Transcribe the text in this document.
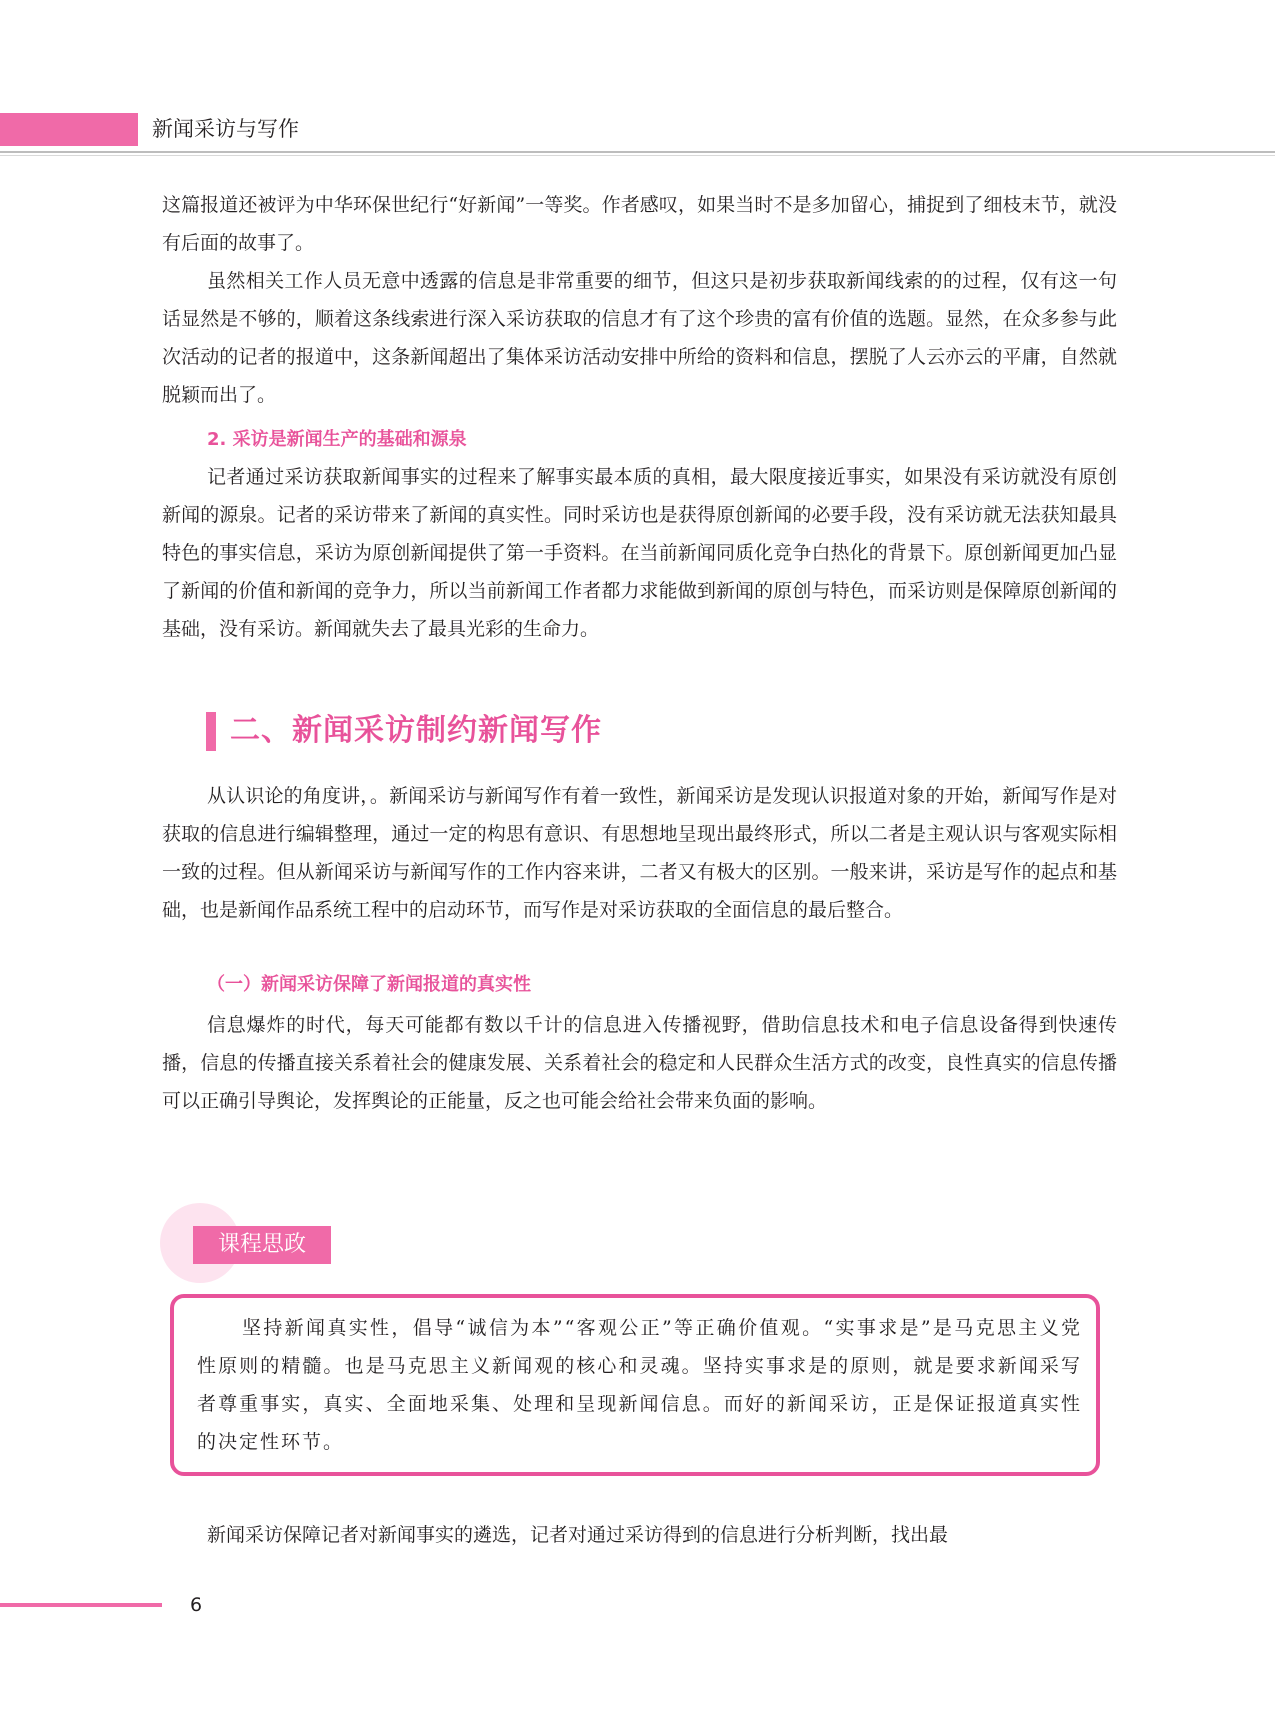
新闻采访与写作

这篇报道还被评为中华环保世纪行“好新闻”一等奖。作者感叹，如果当时不是多加留心，捕捉到了细枝末节，就没有后面的故事了。

虽然相关工作人员无意中透露的信息是非常重要的细节，但这只是初步获取新闻线索的的过程，仅有这一句话显然是不够的，顺着这条线索进行深入采访获取的信息才有了这个珍贵的富有价值的选题。显然，在众多参与此次活动的记者的报道中，这条新闻超出了集体采访活动安排中所给的资料和信息，摆脱了人云亦云的平庸，自然就脱颖而出了。

2. 采访是新闻生产的基础和源泉

记者通过采访获取新闻事实的过程来了解事实最本质的真相，最大限度接近事实，如果没有采访就没有原创新闻的源泉。记者的采访带来了新闻的真实性。同时采访也是获得原创新闻的必要手段，没有采访就无法获知最具特色的事实信息，采访为原创新闻提供了第一手资料。在当前新闻同质化竞争白热化的背景下。原创新闻更加凸显了新闻的价值和新闻的竞争力，所以当前新闻工作者都力求能做到新闻的原创与特色，而采访则是保障原创新闻的基础，没有采访。新闻就失去了最具光彩的生命力。

二、新闻采访制约新闻写作

从认识论的角度讲，。新闻采访与新闻写作有着一致性，新闻采访是发现认识报道对象的开始，新闻写作是对获取的信息进行编辑整理，通过一定的构思有意识、有思想地呈现出最终形式，所以二者是主观认识与客观实际相一致的过程。但从新闻采访与新闻写作的工作内容来讲，二者又有极大的区别。一般来讲，采访是写作的起点和基础，也是新闻作品系统工程中的启动环节，而写作是对采访获取的全面信息的最后整合。

（一）新闻采访保障了新闻报道的真实性

信息爆炸的时代，每天可能都有数以千计的信息进入传播视野，借助信息技术和电子信息设备得到快速传播，信息的传播直接关系着社会的健康发展、关系着社会的稳定和人民群众生活方式的改变，良性真实的信息传播可以正确引导舆论，发挥舆论的正能量，反之也可能会给社会带来负面的影响。

课程思政

坚持新闻真实性，倡导“诚信为本”“客观公正”等正确价值观。“实事求是”是马克思主义党性原则的精髓。也是马克思主义新闻观的核心和灵魂。坚持实事求是的原则，就是要求新闻采写者尊重事实，真实、全面地采集、处理和呈现新闻信息。而好的新闻采访，正是保证报道真实性的决定性环节。

新闻采访保障记者对新闻事实的遴选，记者对通过采访得到的信息进行分析判断，找出最

6
